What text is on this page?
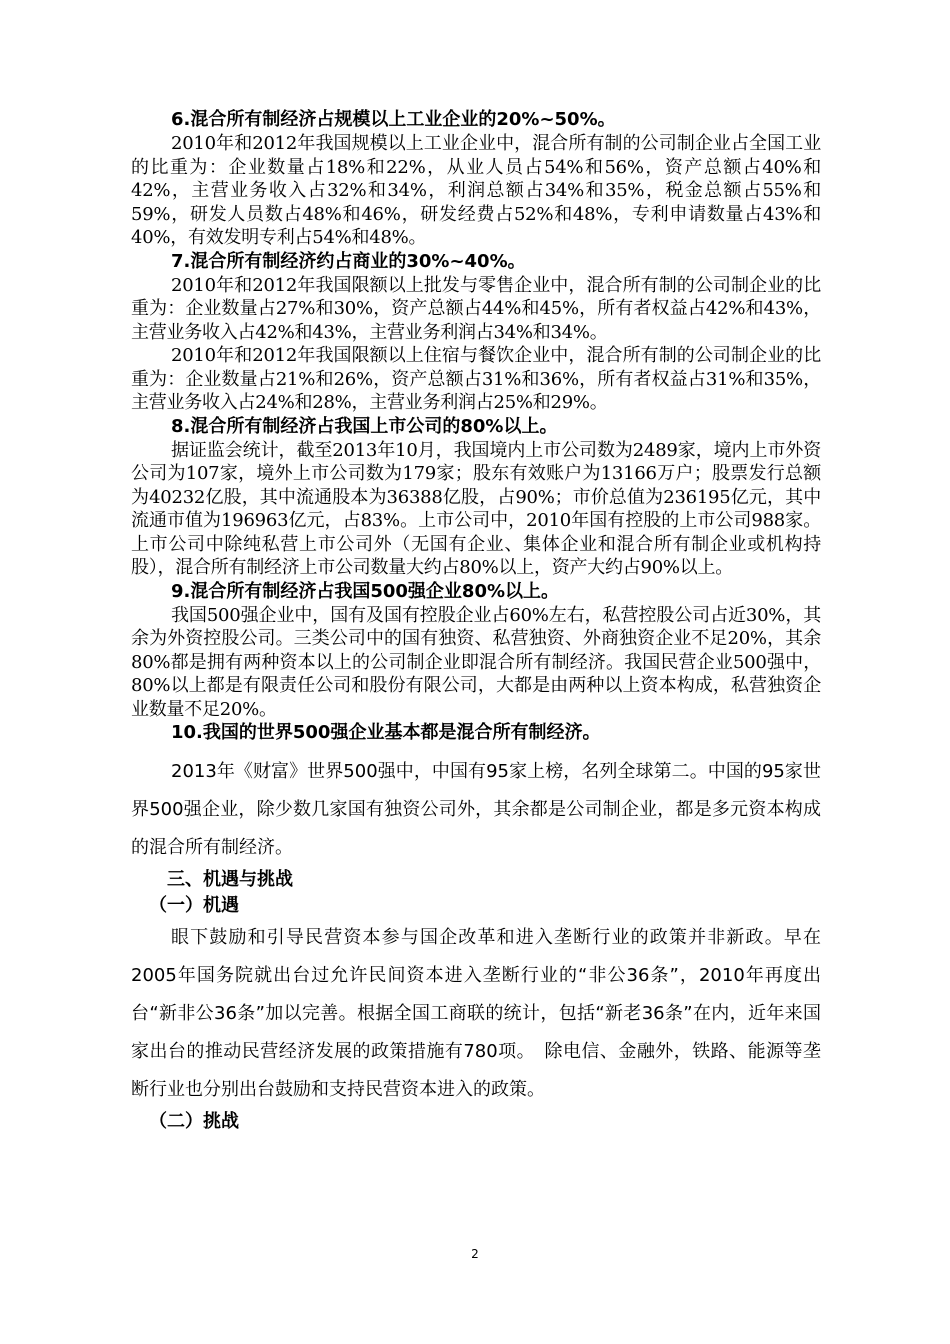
6.混合所有制经济占规模以上工业企业的20%~50%。

2010年和2012年我国规模以上工业企业中，混合所有制的公司制企业占全国工业的比重为：企业数量占18%和22%，从业人员占54%和56%，资产总额占40%和42%，主营业务收入占32%和34%，利润总额占34%和35%，税金总额占55%和59%，研发人员数占48%和46%，研发经费占52%和48%，专利申请数量占43%和40%，有效发明专利占54%和48%。

7.混合所有制经济约占商业的30%~40%。

2010年和2012年我国限额以上批发与零售企业中，混合所有制的公司制企业的比重为：企业数量占27%和30%，资产总额占44%和45%，所有者权益占42%和43%，主营业务收入占42%和43%，主营业务利润占34%和34%。

2010年和2012年我国限额以上住宿与餐饮企业中，混合所有制的公司制企业的比重为：企业数量占21%和26%，资产总额占31%和36%，所有者权益占31%和35%，主营业务收入占24%和28%，主营业务利润占25%和29%。

8.混合所有制经济占我国上市公司的80%以上。

据证监会统计，截至2013年10月，我国境内上市公司数为2489家，境内上市外资公司为107家，境外上市公司数为179家；股东有效账户为13166万户；股票发行总额为40232亿股，其中流通股本为36388亿股，占90%；市价总值为236195亿元，其中流通市值为196963亿元，占83%。上市公司中，2010年国有控股的上市公司988家。上市公司中除纯私营上市公司外（无国有企业、集体企业和混合所有制企业或机构持股），混合所有制经济上市公司数量大约占80%以上，资产大约占90%以上。

9.混合所有制经济占我国500强企业80%以上。

我国500强企业中，国有及国有控股企业占60%左右，私营控股公司占近30%，其余为外资控股公司。三类公司中的国有独资、私营独资、外商独资企业不足20%，其余80%都是拥有两种资本以上的公司制企业即混合所有制经济。我国民营企业500强中，80%以上都是有限责任公司和股份有限公司，大都是由两种以上资本构成，私营独资企业数量不足20%。

10.我国的世界500强企业基本都是混合所有制经济。

2013年《财富》世界500强中，中国有95家上榜，名列全球第二。中国的95家世界500强企业，除少数几家国有独资公司外，其余都是公司制企业，都是多元资本构成的混合所有制经济。

三、机遇与挑战

（一）机遇

眼下鼓励和引导民营资本参与国企改革和进入垄断行业的政策并非新政。早在2005年国务院就出台过允许民间资本进入垄断行业的“非公36条”，2010年再度出台“新非公36条”加以完善。根据全国工商联的统计，包括“新老36条”在内，近年来国家出台的推动民营经济发展的政策措施有780项。　除电信、金融外，铁路、能源等垄断行业也分别出台鼓励和支持民营资本进入的政策。

（二）挑战

2
